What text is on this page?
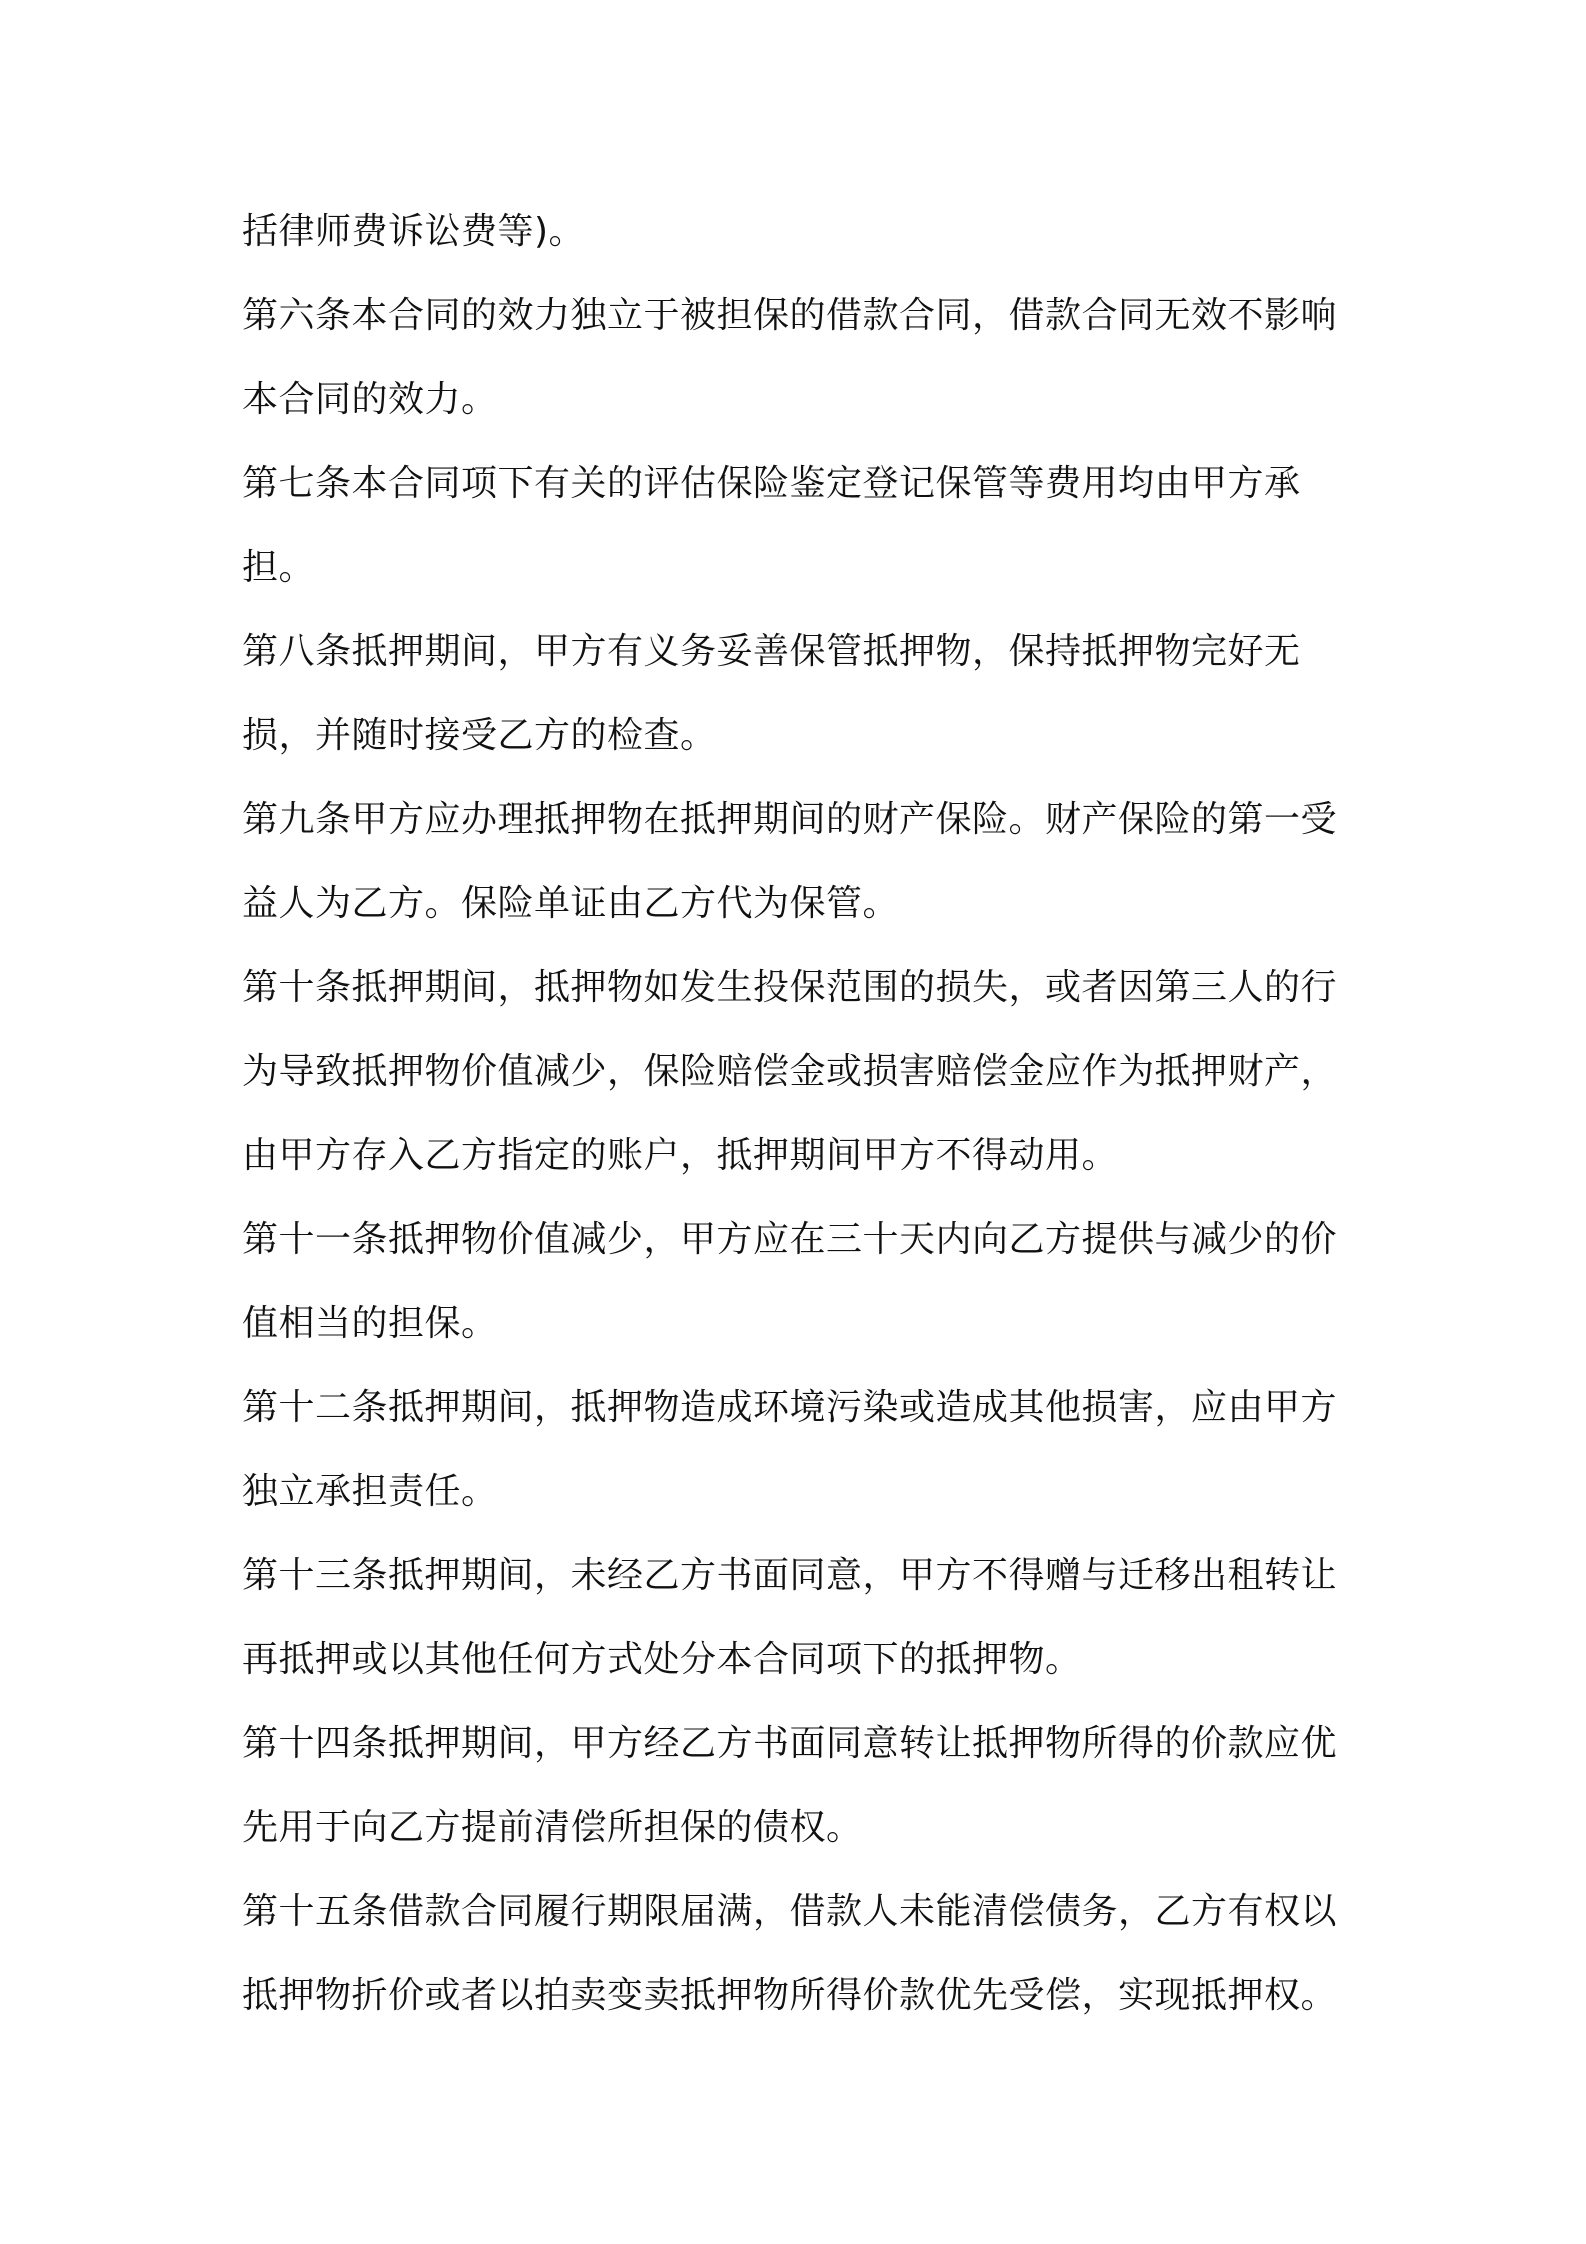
括律师费诉讼费等)。

第六条本合同的效力独立于被担保的借款合同，借款合同无效不影响本合同的效力。

第七条本合同项下有关的评估保险鉴定登记保管等费用均由甲方承担。

第八条抵押期间，甲方有义务妥善保管抵押物，保持抵押物完好无损，并随时接受乙方的检查。

第九条甲方应办理抵押物在抵押期间的财产保险。财产保险的第一受益人为乙方。保险单证由乙方代为保管。

第十条抵押期间，抵押物如发生投保范围的损失，或者因第三人的行为导致抵押物价值减少，保险赔偿金或损害赔偿金应作为抵押财产，由甲方存入乙方指定的账户，抵押期间甲方不得动用。

第十一条抵押物价值减少，甲方应在三十天内向乙方提供与减少的价值相当的担保。

第十二条抵押期间，抵押物造成环境污染或造成其他损害，应由甲方独立承担责任。

第十三条抵押期间，未经乙方书面同意，甲方不得赠与迁移出租转让再抵押或以其他任何方式处分本合同项下的抵押物。

第十四条抵押期间，甲方经乙方书面同意转让抵押物所得的价款应优先用于向乙方提前清偿所担保的债权。

第十五条借款合同履行期限届满，借款人未能清偿债务，乙方有权以抵押物折价或者以拍卖变卖抵押物所得价款优先受偿，实现抵押权。
